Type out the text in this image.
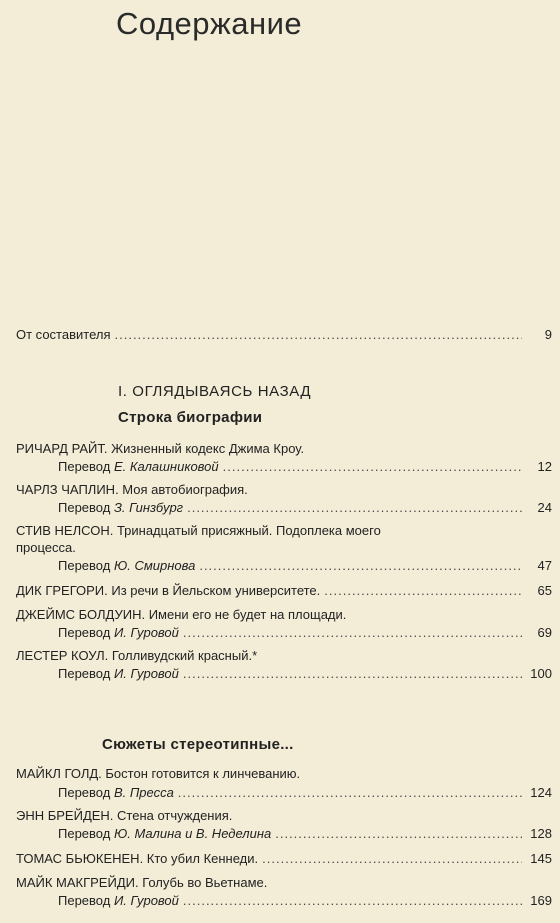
Содержание
От составителя .....	9
I. ОГЛЯДЫВАЯСЬ НАЗАД
Строка биографии
РИЧАРД РАЙТ. Жизненный кодекс Джима Кроу.
Перевод Е. Калашниковой .....	12
ЧАРЛЗ ЧАПЛИН. Моя автобиография.
Перевод З. Гинзбург .....	24
СТИВ НЕЛСОН. Тринадцатый присяжный. Подоплека моего
процесса.
Перевод Ю. Смирнова .....	47
ДИК ГРЕГОРИ. Из речи в Йельском университете. .....	65
ДЖЕЙМС БОЛДУИН. Имени его не будет на площади.
Перевод И. Гуровой .....	69
ЛЕСТЕР КОУЛ. Голливудский красный.*
Перевод И. Гуровой .....	100
Сюжеты стереотипные...
МАЙКЛ ГОЛД. Бостон готовится к линчеванию.
Перевод В. Пресса .....	124
ЭНН БРЕЙДЕН. Стена отчуждения.
Перевод Ю. Малина и В. Неделина .....	128
ТОМАС БЬЮКЕНЕН. Кто убил Кеннеди. .....	145
МАЙК МАКГРЕЙДИ. Голубь во Вьетнаме.
Перевод И. Гуровой .....	169
